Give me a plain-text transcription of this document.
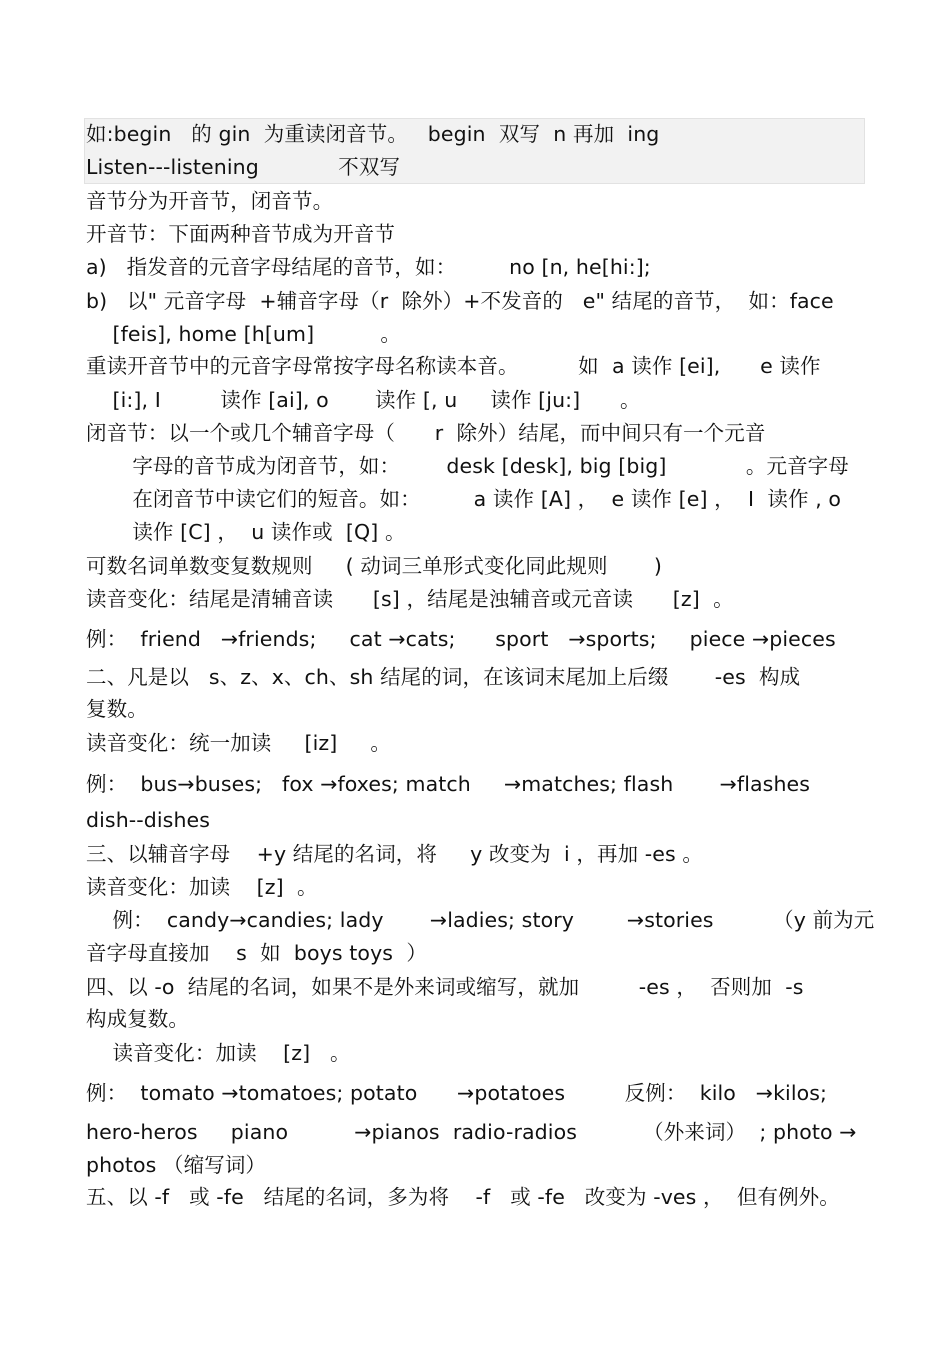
如:begin   的 gin  为重读闭音节。   begin  双写  n 再加  ing
Listen---listening            不双写
音节分为开音节，闭音节。
开音节：下面两种音节成为开音节
a)   指发音的元音字母结尾的音节，如：        no [n, he[hi:];
b)   以" 元音字母  +辅音字母（r  除外）+不发音的   e" 结尾的音节，  如：face
[feis], home [h[um]          。
重读开音节中的元音字母常按字母名称读本音。         如  a 读作 [ei],      e 读作
[i:], I         读作 [ai], o       读作 [, u     读作 [ju:]      。
闭音节：以一个或几个辅音字母（      r  除外）结尾，而中间只有一个元音
字母的音节成为闭音节，如：       desk [desk], big [big]            。元音字母
在闭音节中读它们的短音。如：        a 读作 [A] ，  e 读作 [e] ，  I  读作 , o
读作 [C] ，  u 读作或  [Q] 。
可数名词单数变复数规则     ( 动词三单形式变化同此规则       )
读音变化：结尾是清辅音读      [s] ，结尾是浊辅音或元音读      [z]  。
例：  friend   →friends;     cat →cats;      sport   →sports;     piece →pieces
二、凡是以   s、z、x、ch、sh 结尾的词，在该词末尾加上后缀       -es  构成
复数。
读音变化：统一加读     [iz]     。
例：  bus→buses;   fox →foxes; match     →matches; flash       →flashes
dish--dishes
三、以辅音字母    +y 结尾的名词，将     y 改变为  i ，再加 -es 。
读音变化：加读    [z]  。
例：  candy→candies; lady       →ladies; story        →stories         （y 前为元
音字母直接加    s  如  boys toys  ）
四、以 -o  结尾的名词，如果不是外来词或缩写，就加         -es ，  否则加  -s
构成复数。
读音变化：加读    [z]   。
例：  tomato →tomatoes; potato      →potatoes         反例：  kilo   →kilos;
hero-heros     piano          →pianos  radio-radios          （外来词）  ; photo →
photos （缩写词）
五、以 -f   或 -fe   结尾的名词，多为将    -f   或 -fe   改变为 -ves ，  但有例外。
